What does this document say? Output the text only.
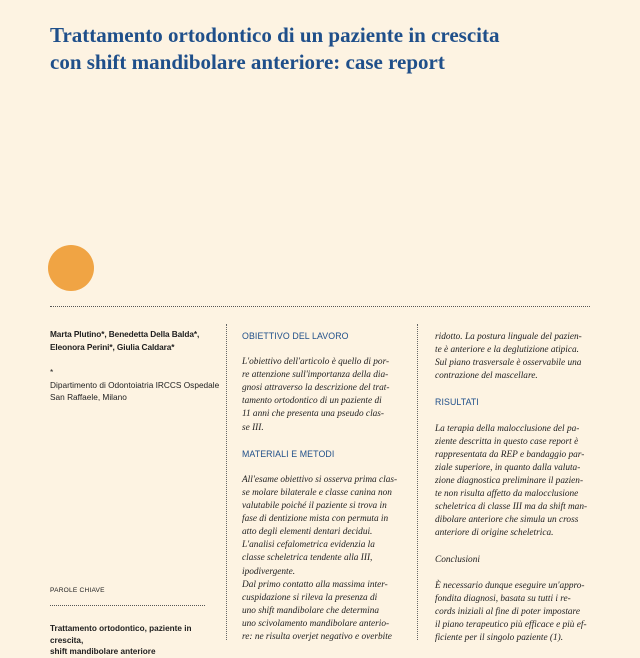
Trattamento ortodontico di un paziente in crescita
con shift mandibolare anteriore: case report
Marta Plutino*, Benedetta Della Balda*,
Eleonora Perini*, Giulia Caldara*
*
Dipartimento di Odontoiatria IRCCS Ospedale
San Raffaele, Milano
PAROLE CHIAVE
Trattamento ortodontico, paziente in crescita,
shift mandibolare anteriore
OBIETTIVO DEL LAVORO
L'obiettivo dell'articolo è quello di por-
re attenzione sull'importanza della dia-
gnosi attraverso la descrizione del trat-
tamento ortodontico di un paziente di
11 anni che presenta una pseudo clas-
se III.
MATERIALI E METODI
All'esame obiettivo si osserva prima clas-
se molare bilaterale e classe canina non
valutabile poiché il paziente si trova in
fase di dentizione mista con permuta in
atto degli elementi dentari decidui.
L'analisi cefalometrica evidenzia la
classe scheletrica tendente alla III,
ipodivergente.
Dal primo contatto alla massima inter-
cuspidazione si rileva la presenza di
uno shift mandibolare che determina
uno scivolamento mandibolare anterio-
re: ne risulta overjet negativo e overbite
ridotto. La postura linguale del pazien-
te è anteriore e la deglutizione atipica.
Sul piano trasversale è osservabile una
contrazione del mascellare.
RISULTATI
La terapia della malocclusione del pa-
ziente descritta in questo case report è
rappresentata da REP e bandaggio par-
ziale superiore, in quanto dalla valuta-
zione diagnostica preliminare il pazien-
te non risulta affetto da malocclusione
scheletrica di classe III ma da shift man-
dibolare anteriore che simula un cross
anteriore di origine scheletrica.
Conclusioni
È necessario dunque eseguire un'appro-
fondita diagnosi, basata su tutti i re-
cords iniziali al fine di poter impostare
il piano terapeutico più efficace e più ef-
ficiente per il singolo paziente (1).
